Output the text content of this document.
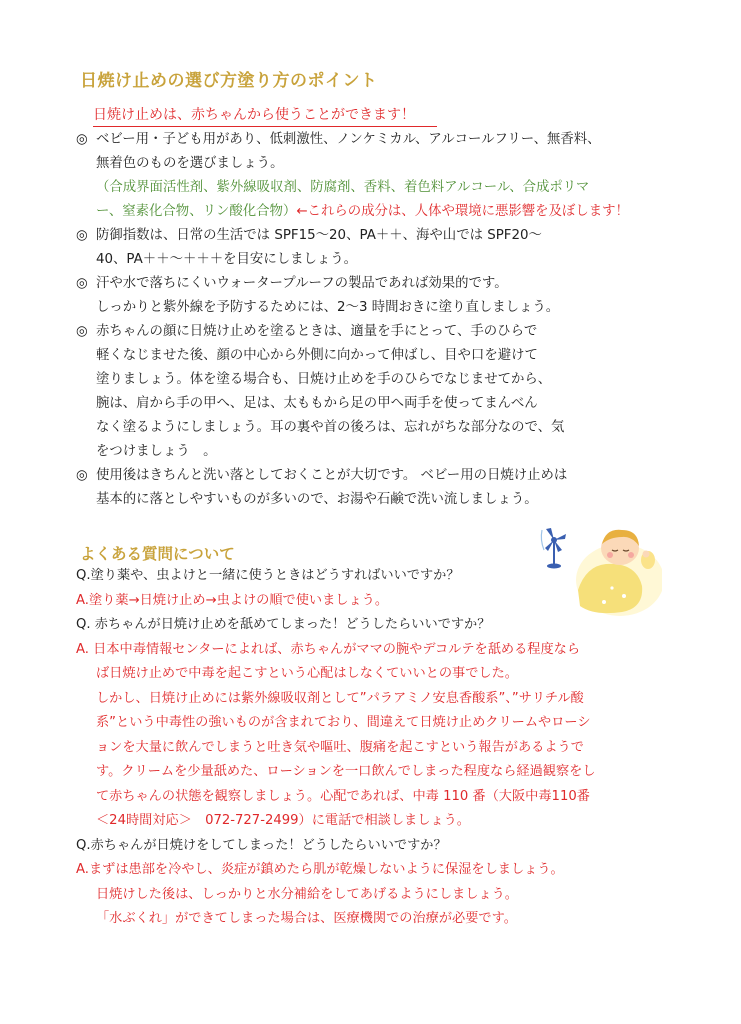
日焼け止めの選び方塗り方のポイント
日焼け止めは、赤ちゃんから使うことができます！
◎ ベビー用・子ども用があり、低刺激性、ノンケミカル、アルコールフリー、無香料、
無着色のものを選びましょう。
（合成界面活性剤、紫外線吸収剤、防腐剤、香料、着色料アルコール、合成ポリマ
ー、窒素化合物、リン酸化合物）←これらの成分は、人体や環境に悪影響を及ぼします！
◎ 防御指数は、日常の生活では SPF15～20、PA＋＋、海や山では SPF20～
40、PA＋＋～＋＋＋を目安にしましょう。
◎ 汗や水で落ちにくいウォータープルーフの製品であれば効果的です。
しっかりと紫外線を予防するためには、2～3 時間おきに塗り直しましょう。
◎ 赤ちゃんの顔に日焼け止めを塗るときは、適量を手にとって、手のひらで
軽くなじませた後、顔の中心から外側に向かって伸ばし、目や口を避けて
塗りましょう。体を塗る場合も、日焼け止めを手のひらでなじませてから、
腕は、肩から手の甲へ、足は、太ももから足の甲へ両手を使ってまんべん
なく塗るようにしましょう。耳の裏や首の後ろは、忘れがちな部分なので、気
をつけましょう　。
◎ 使用後はきちんと洗い落としておくことが大切です。 ベビー用の日焼け止めは
基本的に落としやすいものが多いので、お湯や石鹸で洗い流しましょう。
よくある質問について
Q.塗り薬や、虫よけと一緒に使うときはどうすればいいですか？
A.塗り薬→日焼け止め→虫よけの順で使いましょう。
Q. 赤ちゃんが日焼け止めを舐めてしまった！どうしたらいいですか？
A. 日本中毒情報センターによれば、赤ちゃんがママの腕やデコルテを舐める程度なら
ば日焼け止めで中毒を起こすという心配はしなくていいとの事でした。
しかし、日焼け止めには紫外線吸収剤として”パラアミノ安息香酸系”、”サリチル酸
系”という中毒性の強いものが含まれており、間違えて日焼け止めクリームやローシ
ョンを大量に飲んでしまうと吐き気や嘔吐、腹痛を起こすという報告があるようで
す。クリームを少量舐めた、ローションを一口飲んでしまった程度なら経過観察をし
て赤ちゃんの状態を観察しましょう。心配であれば、中毒 110 番（大阪中毒110番
＜24時間対応＞　072-727-2499）に電話で相談しましょう。
Q.赤ちゃんが日焼けをしてしまった！どうしたらいいですか？
A.まずは患部を冷やし、炎症が鎮めたら肌が乾燥しないように保湿をしましょう。
日焼けした後は、しっかりと水分補給をしてあげるようにしましょう。
「水ぶくれ」ができてしまった場合は、医療機関での治療が必要です。
